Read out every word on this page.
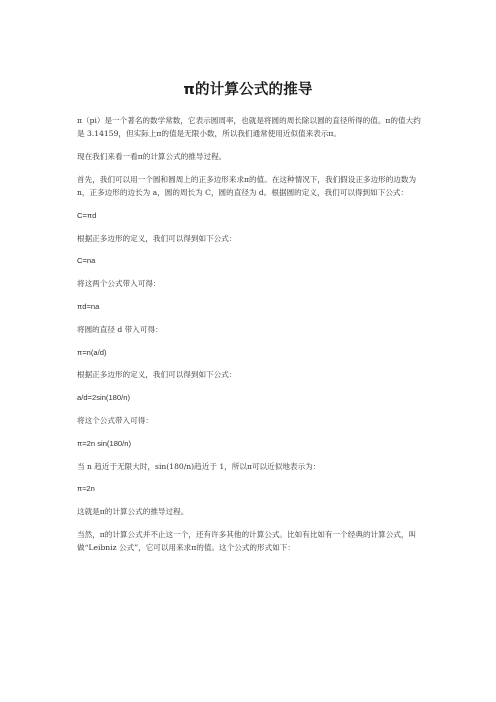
π的计算公式的推导

π（pi）是一个著名的数学常数，它表示圆周率，也就是将圆的周长除以圆的直径所得的值。π的值大约是 3.14159，但实际上π的值是无限小数，所以我们通常使用近似值来表示π。

现在我们来看一看π的计算公式的推导过程。

首先，我们可以用一个圆和圆周上的正多边形来求π的值。在这种情况下，我们假设正多边形的边数为 n，正多边形的边长为 a，圆的周长为 C，圆的直径为 d。根据圆的定义，我们可以得到如下公式：

C=πd

根据正多边形的定义，我们可以得到如下公式：

C=na

将这两个公式带入可得：

πd=na

将圆的直径 d 带入可得：

π=n(a/d)

根据正多边形的定义，我们可以得到如下公式：

a/d=2sin(180/n)

将这个公式带入可得：

π=2n sin(180/n)

当 n 趋近于无限大时，sin(180/n)趋近于 1，所以π可以近似地表示为：

π≈2n

这就是π的计算公式的推导过程。

当然，π的计算公式并不止这一个，还有许多其他的计算公式。比如有比如有一个经典的计算公式，叫做“Leibniz 公式”，它可以用来求π的值。这个公式的形式如下：
